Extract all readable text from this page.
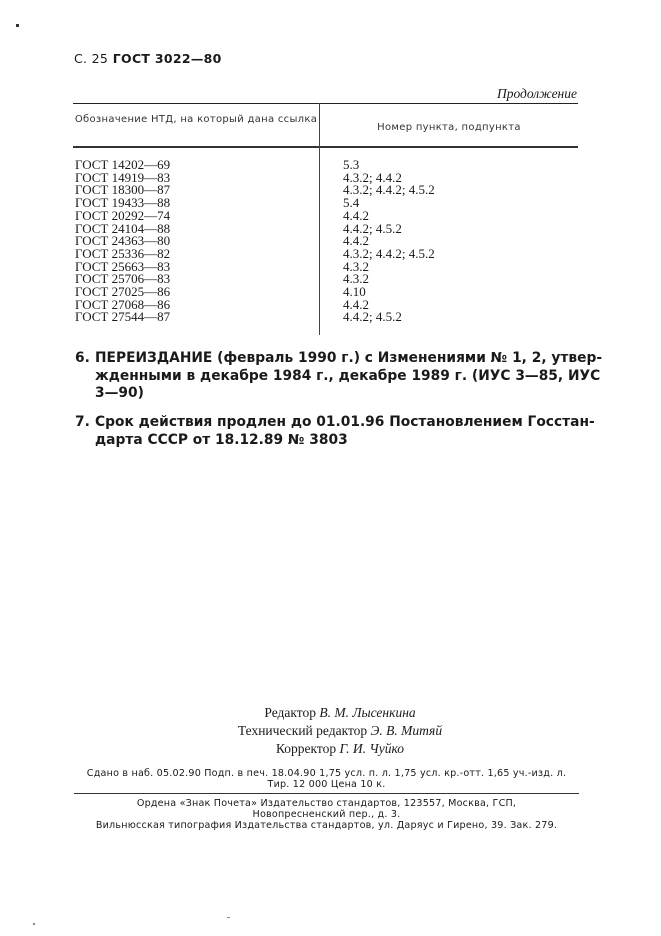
С. 25 ГОСТ 3022—80
Продолжение
Обозначение НТД, на который дана ссылка
Номер пункта, подпункта
ГОСТ 14202—69
ГОСТ 14919—83
ГОСТ 18300—87
ГОСТ 19433—88
ГОСТ 20292—74
ГОСТ 24104—88
ГОСТ 24363—80
ГОСТ 25336—82
ГОСТ 25663—83
ГОСТ 25706—83
ГОСТ 27025—86
ГОСТ 27068—86
ГОСТ 27544—87
5.3
4.3.2; 4.4.2
4.3.2; 4.4.2; 4.5.2
5.4
4.4.2
4.4.2; 4.5.2
4.4.2
4.3.2; 4.4.2; 4.5.2
4.3.2
4.3.2
4.10
4.4.2
4.4.2; 4.5.2
6. ПЕРЕИЗДАНИЕ (февраль 1990 г.) с Изменениями № 1, 2, утвер-
жденными в декабре 1984 г., декабре 1989 г. (ИУС 3—85, ИУС
3—90)
7. Срок действия продлен до 01.01.96 Постановлением Госстан-
дарта СССР от 18.12.89 № 3803
Редактор В. М. Лысенкина
Технический редактор Э. В. Митяй
Корректор Г. И. Чуйко
Сдано в наб. 05.02.90 Подп. в печ. 18.04.90 1,75 усл. п. л. 1,75 усл. кр.-отт. 1,65 уч.-изд. л.
Тир. 12 000 Цена 10 к.
Ордена «Знак Почета» Издательство стандартов, 123557, Москва, ГСП,
Новопресненский пер., д. 3.
Вильнюсская типография Издательства стандартов, ул. Даряус и Гирено, 39. Зак. 279.
